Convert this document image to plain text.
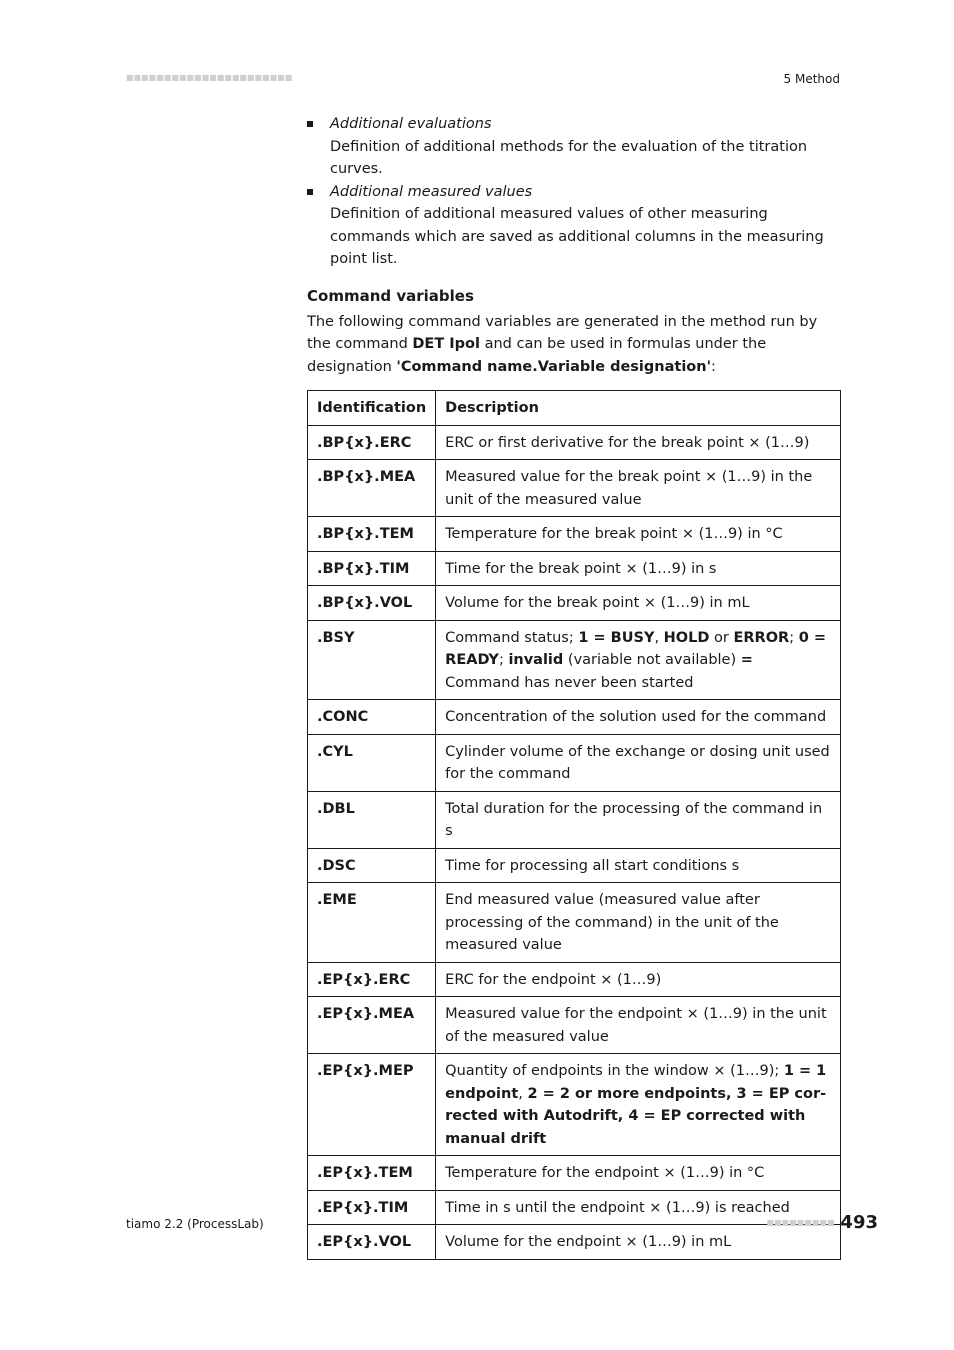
■■■■■■■■■■■■■■■■■■■■■■	5 Method
Additional evaluations
Definition of additional methods for the evaluation of the titration curves.
Additional measured values
Definition of additional measured values of other measuring commands which are saved as additional columns in the measuring point list.
Command variables
The following command variables are generated in the method run by the command DET Ipol and can be used in formulas under the designation 'Command name.Variable designation':
Identification	Description
.BP{x}.ERC	ERC or first derivative for the break point × (1…9)
.BP{x}.MEA	Measured value for the break point × (1…9) in the unit of the measured value
.BP{x}.TEM	Temperature for the break point × (1…9) in °C
.BP{x}.TIM	Time for the break point × (1…9) in s
.BP{x}.VOL	Volume for the break point × (1…9) in mL
.BSY	Command status; 1 = BUSY, HOLD or ERROR; 0 = READY; invalid (variable not available) = Command has never been started
.CONC	Concentration of the solution used for the command
.CYL	Cylinder volume of the exchange or dosing unit used for the command
.DBL	Total duration for the processing of the command in s
.DSC	Time for processing all start conditions s
.EME	End measured value (measured value after processing of the command) in the unit of the measured value
.EP{x}.ERC	ERC for the endpoint × (1…9)
.EP{x}.MEA	Measured value for the endpoint × (1…9) in the unit of the measured value
.EP{x}.MEP	Quantity of endpoints in the window × (1…9); 1 = 1 endpoint, 2 = 2 or more endpoints, 3 = EP corrected with Autodrift, 4 = EP corrected with manual drift
.EP{x}.TEM	Temperature for the endpoint × (1…9) in °C
.EP{x}.TIM	Time in s until the endpoint × (1…9) is reached
.EP{x}.VOL	Volume for the endpoint × (1…9) in mL
tiamo 2.2 (ProcessLab)	■■■■■■■■■ 493
